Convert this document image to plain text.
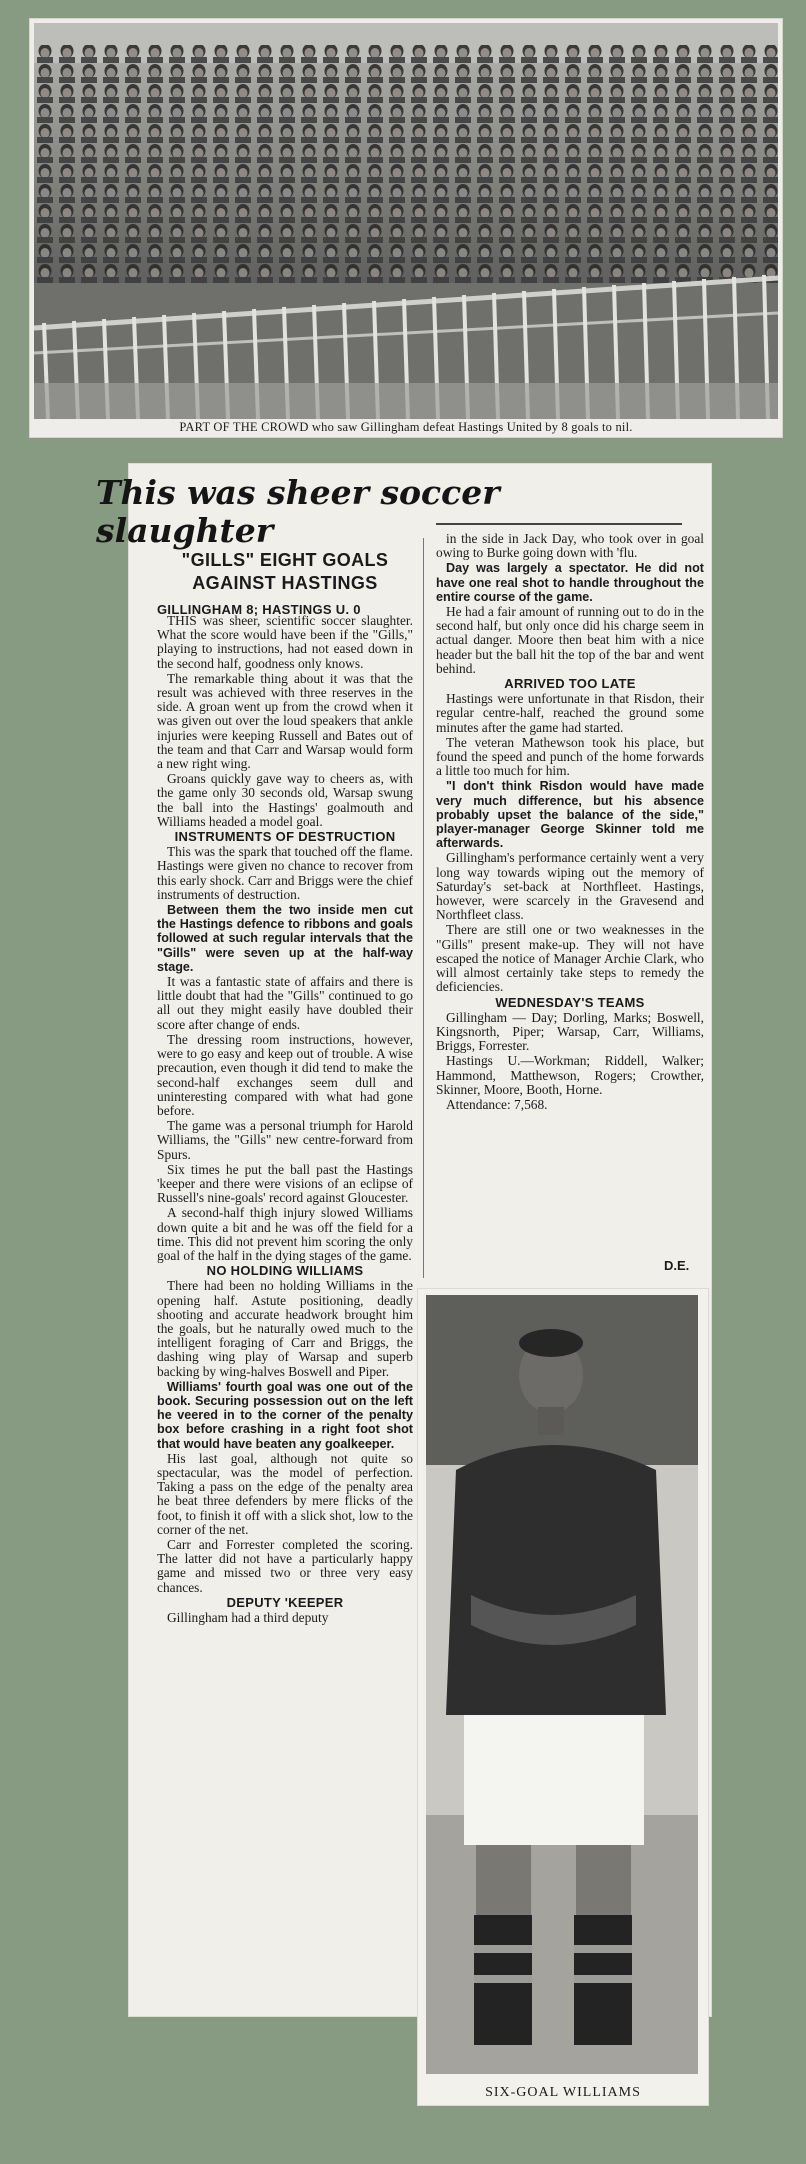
PART OF THE CROWD who saw Gillingham defeat Hastings United by 8 goals to nil.
This was sheer soccer
slaughter
"GILLS" EIGHT GOALS AGAINST HASTINGS
GILLINGHAM 8; HASTINGS U. 0

THIS was sheer, scientific soccer slaughter. What the score would have been if the "Gills," playing to instructions, had not eased down in the second half, goodness only knows.

The remarkable thing about it was that the result was achieved with three reserves in the side. A groan went up from the crowd when it was given out over the loud speakers that ankle injuries were keeping Russell and Bates out of the team and that Carr and Warsap would form a new right wing.

Groans quickly gave way to cheers as, with the game only 30 seconds old, Warsap swung the ball into the Hastings' goalmouth and Williams headed a model goal.

INSTRUMENTS OF DESTRUCTION

This was the spark that touched off the flame. Hastings were given no chance to recover from this early shock. Carr and Briggs were the chief instruments of destruction.

Between them the two inside men cut the Hastings defence to ribbons and goals followed at such regular intervals that the "Gills" were seven up at the half-way stage.

It was a fantastic state of affairs and there is little doubt that had the "Gills" continued to go all out they might easily have doubled their score after change of ends.

The dressing room instructions, however, were to go easy and keep out of trouble. A wise precaution, even though it did tend to make the second-half exchanges seem dull and uninteresting compared with what had gone before.

The game was a personal triumph for Harold Williams, the "Gills" new centre-forward from Spurs.

Six times he put the ball past the Hastings 'keeper and there were visions of an eclipse of Russell's nine-goals' record against Gloucester.

A second-half thigh injury slowed Williams down quite a bit and he was off the field for a time. This did not prevent him scoring the only goal of the half in the dying stages of the game.

NO HOLDING WILLIAMS

There had been no holding Williams in the opening half. Astute positioning, deadly shooting and accurate headwork brought him the goals, but he naturally owed much to the intelligent foraging of Carr and Briggs, the dashing wing play of Warsap and superb backing by wing-halves Boswell and Piper.

Williams' fourth goal was one out of the book. Securing possession out on the left he veered in to the corner of the penalty box before crashing in a right foot shot that would have beaten any goalkeeper.

His last goal, although not quite so spectacular, was the model of perfection. Taking a pass on the edge of the penalty area he beat three defenders by mere flicks of the foot, to finish it off with a slick shot, low to the corner of the net.

Carr and Forrester completed the scoring. The latter did not have a particularly happy game and missed two or three very easy chances.

DEPUTY 'KEEPER

Gillingham had a third deputy

in the side in Jack Day, who took over in goal owing to Burke going down with 'flu.

Day was largely a spectator. He did not have one real shot to handle throughout the entire course of the game.

He had a fair amount of running out to do in the second half, but only once did his charge seem in actual danger. Moore then beat him with a nice header but the ball hit the top of the bar and went behind.

ARRIVED TOO LATE

Hastings were unfortunate in that Risdon, their regular centre-half, reached the ground some minutes after the game had started.

The veteran Mathewson took his place, but found the speed and punch of the home forwards a little too much for him.

"I don't think Risdon would have made very much difference, but his absence probably upset the balance of the side," player-manager George Skinner told me afterwards.

Gillingham's performance certainly went a very long way towards wiping out the memory of Saturday's set-back at Northfleet. Hastings, however, were scarcely in the Gravesend and Northfleet class.

There are still one or two weaknesses in the "Gills" present make-up. They will not have escaped the notice of Manager Archie Clark, who will almost certainly take steps to remedy the deficiencies.

WEDNESDAY'S TEAMS

Gillingham — Day; Dorling, Marks; Boswell, Kingsnorth, Piper; Warsap, Carr, Williams, Briggs, Forrester.

Hastings U.—Workman; Riddell, Walker; Hammond, Matthewson, Rogers; Crowther, Skinner, Moore, Booth, Horne.

Attendance: 7,568.

D.E.
SIX-GOAL WILLIAMS
